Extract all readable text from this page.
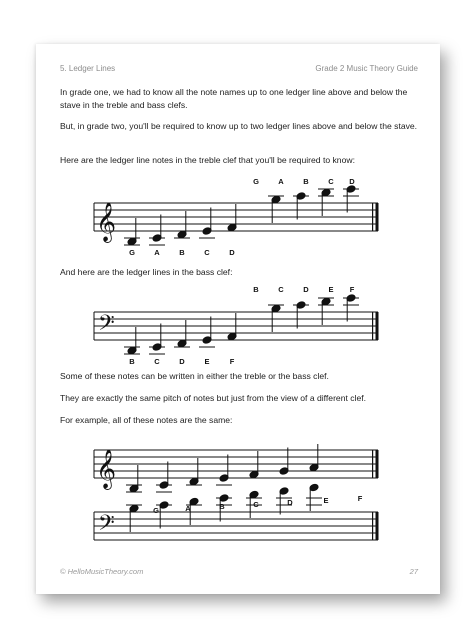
5. Ledger Lines	Grade 2 Music Theory Guide
In grade one, we had to know all the note names up to one ledger line above and below the stave in the treble and bass clefs.
But, in grade two, you'll be required to know up to two ledger lines above and below the stave.
Here are the ledger line notes in the treble clef that you'll be required to know:
𝄞
G	A	B	C	D
G	A	B	C D
And here are the ledger lines in the bass clef:
𝄢
B	C	D	E	F
B	C	D	E F
Some of these notes can be written in either the treble or the bass clef.
They are exactly the same pitch of notes but just from the view of a different clef.
For example, all of these notes are the same:
𝄞
𝄢	G	A	B	C	D	E	F
© HelloMusicTheory.com	27
